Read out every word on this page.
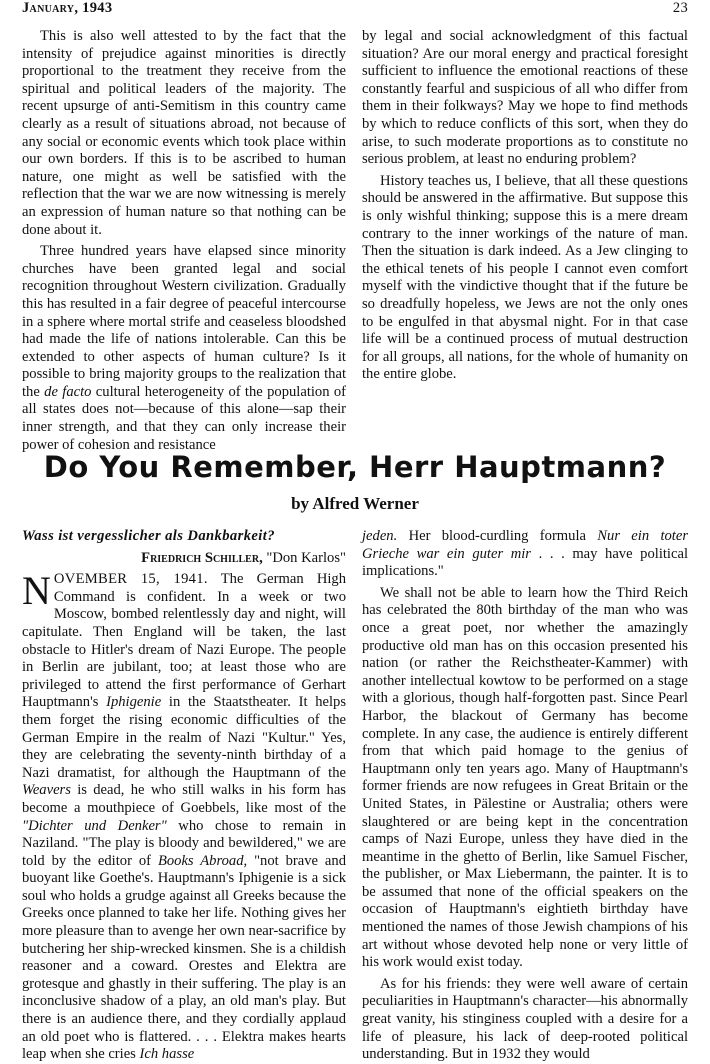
January, 1943	23

This is also well attested to by the fact that the intensity of prejudice against minorities is directly proportional to the treatment they receive from the spiritual and political leaders of the majority. The recent upsurge of anti-Semitism in this country came clearly as a result of situations abroad, not because of any social or economic events which took place within our own borders. If this is to be ascribed to human nature, one might as well be satisfied with the reflection that the war we are now witnessing is merely an expression of human nature so that nothing can be done about it.

Three hundred years have elapsed since minority churches have been granted legal and social recognition throughout Western civilization. Gradually this has resulted in a fair degree of peaceful intercourse in a sphere where mortal strife and ceaseless bloodshed had made the life of nations intolerable. Can this be extended to other aspects of human culture? Is it possible to bring majority groups to the realization that the de facto cultural heterogeneity of the population of all states does not—because of this alone—sap their inner strength, and that they can only increase their power of cohesion and resistance

by legal and social acknowledgment of this factual situation? Are our moral energy and practical foresight sufficient to influence the emotional reactions of these constantly fearful and suspicious of all who differ from them in their folkways? May we hope to find methods by which to reduce conflicts of this sort, when they do arise, to such moderate proportions as to constitute no serious problem, at least no enduring problem?

History teaches us, I believe, that all these questions should be answered in the affirmative. But suppose this is only wishful thinking; suppose this is a mere dream contrary to the inner workings of the nature of man. Then the situation is dark indeed. As a Jew clinging to the ethical tenets of his people I cannot even comfort myself with the vindictive thought that if the future be so dreadfully hopeless, we Jews are not the only ones to be engulfed in that abysmal night. For in that case life will be a continued process of mutual destruction for all groups, all nations, for the whole of humanity on the entire globe.

Do You Remember, Herr Hauptmann?
by Alfred Werner

Wass ist vergesslicher als Dankbarkeit?

Friedrich Schiller, "Don Karlos"

NOVEMBER 15, 1941. The German High Command is confident. In a week or two Moscow, bombed relentlessly day and night, will capitulate. Then England will be taken, the last obstacle to Hitler's dream of Nazi Europe. The people in Berlin are jubilant, too; at least those who are privileged to attend the first performance of Gerhart Hauptmann's Iphigenie in the Staatstheater. It helps them forget the rising economic difficulties of the German Empire in the realm of Nazi "Kultur." Yes, they are celebrating the seventy-ninth birthday of a Nazi dramatist, for although the Hauptmann of the Weavers is dead, he who still walks in his form has become a mouthpiece of Goebbels, like most of the "Dichter und Denker" who chose to remain in Naziland. "The play is bloody and bewildered," we are told by the editor of Books Abroad, "not brave and buoyant like Goethe's. Hauptmann's Iphigenie is a sick soul who holds a grudge against all Greeks because the Greeks once planned to take her life. Nothing gives her more pleasure than to avenge her own near-sacrifice by butchering her ship-wrecked kinsmen. She is a childish reasoner and a coward. Orestes and Elektra are grotesque and ghastly in their suffering. The play is an inconclusive shadow of a play, an old man's play. But there is an audience there, and they cordially applaud an old poet who is flattered. . . . Elektra makes hearts leap when she cries Ich hasse

jeden. Her blood-curdling formula Nur ein toter Grieche war ein guter mir . . . may have political implications."

We shall not be able to learn how the Third Reich has celebrated the 80th birthday of the man who was once a great poet, nor whether the amazingly productive old man has on this occasion presented his nation (or rather the Reichstheater-Kammer) with another intellectual kowtow to be performed on a stage with a glorious, though half-forgotten past. Since Pearl Harbor, the blackout of Germany has become complete. In any case, the audience is entirely different from that which paid homage to the genius of Hauptmann only ten years ago. Many of Hauptmann's former friends are now refugees in Great Britain or the United States, in Pälestine or Australia; others were slaughtered or are being kept in the concentration camps of Nazi Europe, unless they have died in the meantime in the ghetto of Berlin, like Samuel Fischer, the publisher, or Max Liebermann, the painter. It is to be assumed that none of the official speakers on the occasion of Hauptmann's eightieth birthday have mentioned the names of those Jewish champions of his art without whose devoted help none or very little of his work would exist today.

As for his friends: they were well aware of certain peculiarities in Hauptmann's character—his abnormally great vanity, his stinginess coupled with a desire for a life of pleasure, his lack of deep-rooted political understanding. But in 1932 they would
